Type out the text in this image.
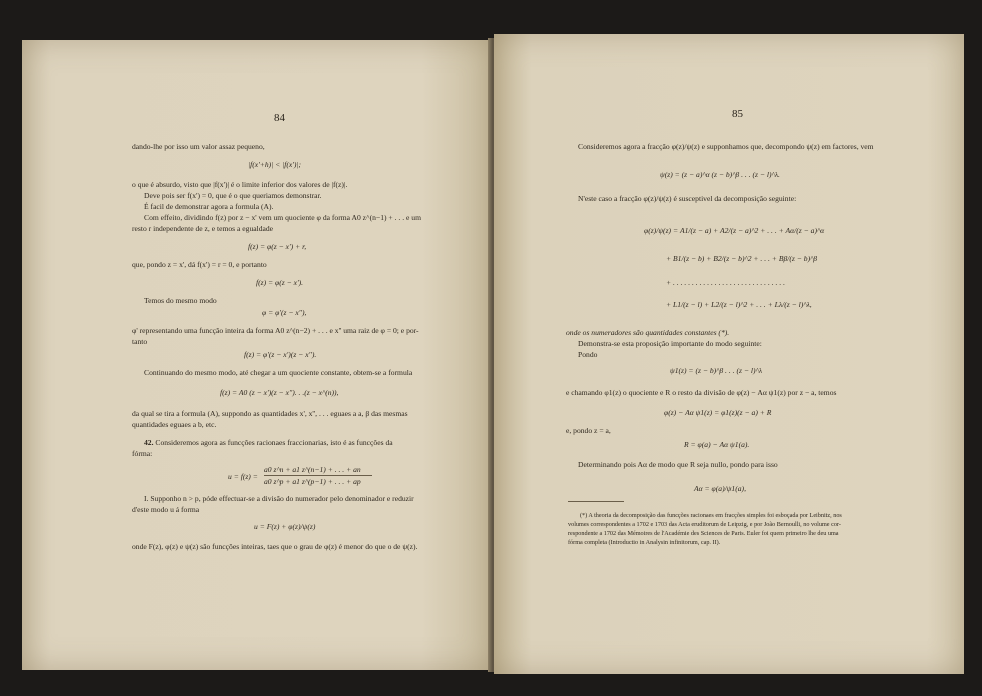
84
dando-lhe por isso um valor assaz pequeno,
|f(x'+h)| < |f(x')|;
o que é absurdo, visto que |f(x')| é o limite inferior dos valores de |f(z)|.
Deve pois ser f(x') = 0, que é o que queriamos demonstrar.
É facil de demonstrar agora a formula (A).
Com effeito, dividindo f(z) por z − x' vem um quociente φ da forma A0 z^(n−1) + . . . e um
resto r independente de z, e temos a egualdade
f(z) = φ(z − x') + r,
que, pondo z = x', dá f(x') = r = 0, e portanto
f(z) = φ(z − x').
Temos do mesmo modo
φ = φ'(z − x''),
φ' representando uma funcção inteira da forma A0 z^(n−2) + . . . e x'' uma raiz de φ = 0; e por-
tanto
f(z) = φ'(z − x')(z − x'').
Continuando do mesmo modo, até chegar a um quociente constante, obtem-se a formula
f(z) = A0 (z − x')(z − x''). . .(z − x^(n)),
da qual se tira a formula (A), suppondo as quantidades x', x'', . . . eguaes a a, β das mesmas
quantidades eguaes a b, etc.
42. Consideremos agora as funcções racionaes fraccionarias, isto é as funcções da
fórma:
u = f(z) =
a0 z^n + a1 z^(n−1) + . . . + an
a0 z^p + a1 z^(p−1) + . . . + ap
I. Supponho n > p, póde effectuar-se a divisão do numerador pelo denominador e reduzir
d'este modo u á forma
u = F(z) + φ(z)/ψ(z)
onde F(z), φ(z) e ψ(z) são funcções inteiras, taes que o grau de φ(z) é menor do que o de ψ(z).
85
Consideremos agora a fracção φ(z)/ψ(z) e supponhamos que, decompondo ψ(z) em factores, vem
ψ(z) = (z − a)^α (z − b)^β . . . (z − l)^λ.
N'este caso a fracção φ(z)/ψ(z) é susceptivel da decomposição seguinte:
φ(z)/ψ(z) = A1/(z − a) + A2/(z − a)^2 + . . . + Aα/(z − a)^α
+ B1/(z − b) + B2/(z − b)^2 + . . . + Bβ/(z − b)^β
+ . . . . . . . . . . . . . . . . . . . . . . . . . . . . . .
+ L1/(z − l) + L2/(z − l)^2 + . . . + Lλ/(z − l)^λ,
onde os numeradores são quantidades constantes (*).
Demonstra-se esta proposição importante do modo seguinte:
Pondo
ψ1(z) = (z − b)^β . . . (z − l)^λ
e chamando φ1(z) o quociente e R o resto da divisão de φ(z) − Aα ψ1(z) por z − a, temos
φ(z) − Aα ψ1(z) = φ1(z)(z − a) + R
e, pondo z = a,
R = φ(a) − Aα ψ1(a).
Determinando pois Aα de modo que R seja nullo, pondo para isso
Aα = φ(a)/ψ1(a),
(*) A theoria da decomposição das funcções racionaes em fracções simples foi esboçada por Leibnitz, nos
volumes correspondentes a 1702 e 1703 das Acta eruditorum de Leipzig, e por João Bernoulli, no volume cor-
respondente a 1702 das Mémoires de l'Académie des Sciences de Paris. Euler foi quem primeiro lhe deu uma
fórma completa (Introductio in Analysin infinitorum, cap. II).
